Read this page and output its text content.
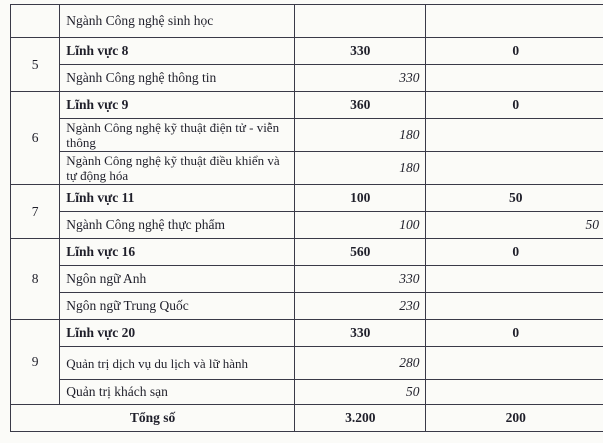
	Ngành Công nghệ sinh học		
5	Lĩnh vực 8	330	0
	Ngành Công nghệ thông tin	330	
6	Lĩnh vực 9	360	0
	Ngành Công nghệ kỹ thuật điện tử - viễn thông	180	
	Ngành Công nghệ kỹ thuật điều khiển và tự động hóa	180	
7	Lĩnh vực 11	100	50
	Ngành Công nghệ thực phẩm	100	50
8	Lĩnh vực 16	560	0
	Ngôn ngữ Anh	330	
	Ngôn ngữ Trung Quốc	230	
9	Lĩnh vực 20	330	0
	Quản trị dịch vụ du lịch và lữ hành	280	
	Quản trị khách sạn	50	
Tổng số		3.200	200
